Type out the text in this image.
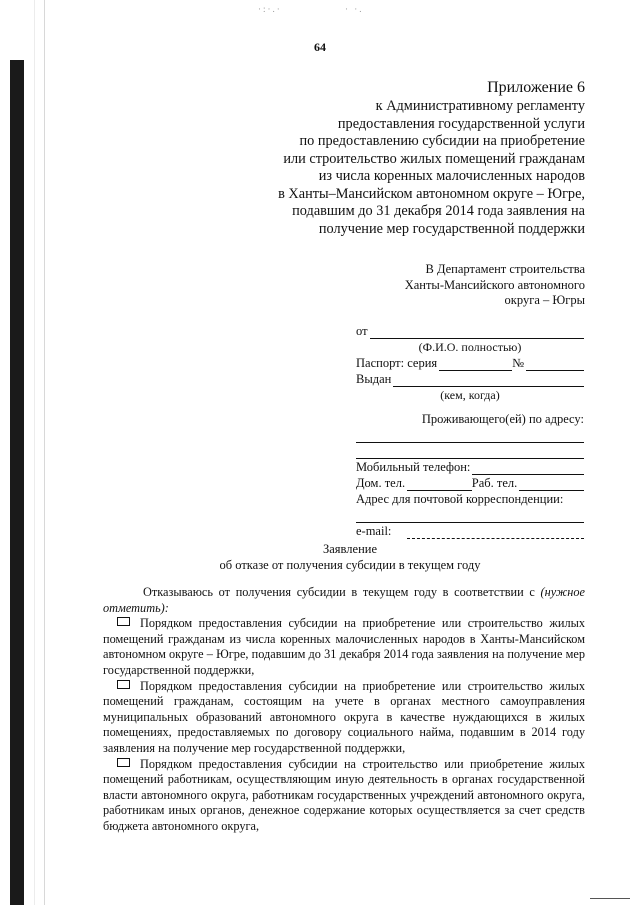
·:·.·	· ·.
64
Приложение 6
к Административному регламенту
предоставления государственной услуги
по предоставлению субсидии на приобретение
или строительство жилых помещений гражданам
из числа коренных малочисленных народов
в Ханты–Мансийском автономном округе – Югре,
подавшим до 31 декабря 2014 года заявления на
получение мер государственной поддержки
В Департамент строительства
Ханты-Мансийского автономного
округа – Югры
от
(Ф.И.О. полностью)
Паспорт: серия	№
Выдан
(кем, когда)
Проживающего(ей) по адресу:
Мобильный телефон:
Дом. тел.	Раб. тел.
Адрес для почтовой корреспонденции:
e-mail:
Заявление
об отказе от получения субсидии в текущем году

Отказываюсь от получения субсидии в текущем году в соответствии с (нужное отметить):

Порядком предоставления субсидии на приобретение или строительство жилых помещений гражданам из числа коренных малочисленных народов в Ханты-Мансийском автономном округе – Югре, подавшим до 31 декабря 2014 года заявления на получение мер государственной поддержки,

Порядком предоставления субсидии на приобретение или строительство жилых помещений гражданам, состоящим на учете в органах местного самоуправления муниципальных образований автономного округа в качестве нуждающихся в жилых помещениях, предоставляемых по договору социального найма, подавшим в 2014 году заявления на получение мер государственной поддержки,

Порядком предоставления субсидии на строительство или приобретение жилых помещений работникам, осуществляющим иную деятельность в органах государственной власти автономного округа, работникам государственных учреждений автономного округа, работникам иных органов, денежное содержание которых осуществляется за счет средств бюджета автономного округа,
